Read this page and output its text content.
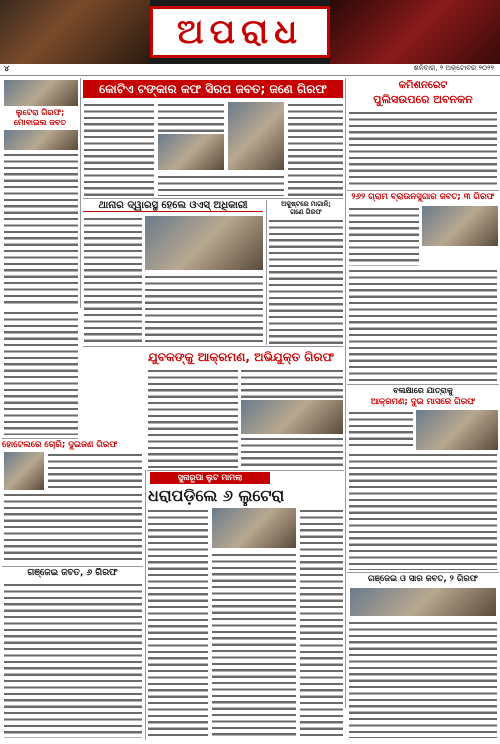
ଅପରାଧ
୪	ଶନିବାର, ୨ ଅକ୍ଟୋବର ୨୦୨୨
ଲୁଟେରା ଗିରଫ;
ମୋବାଇଲ ଜବତ
କୋଟିଏ ଟଙ୍କାର କଫ ସିରପ ଜବତ; ଜଣେ ଗିରଫ	କମିଶନରେଟ
ପୁଲିସଉପରେ ଅବନକନ
୨୬୨ ଗ୍ରାମ ବ୍ରାଉନସୁଗାର ଜବତ; ୩ ଗିରଫ
ବଳାକ୍ଷାରେ ଯାତ୍ରାକୁ
ଆକ୍ରମଣ; ଦୁଇ ମାସରେ ଗିରଫ
ଗଞ୍ଜେଇ ଓ ସାର ଜବତ, ୨ ଗିରଫ
ଥାନାର ଦ୍ୱାରସ୍ଥ ହେଲେ ଓଏସ୍ ଅଧିକାରୀ	ଅକୁଷ୍ଟରେ ମାଗାଳି;
ଗଣେ ଗିରଫ
ହୋଟେଲରେ ଚୋରି; ଦୁଇଜଣ ଗିରଫ
ଯୁବକଙ୍କୁ ଆକ୍ରମଣ, ଅଭିଯୁକ୍ତ ଗିରଫ
ଗଞ୍ଜେଇ ଜବତ, ୬ ଗିରଫ
ସୁନାରୂପା ଲୁଟ ମାମଲା
ଧରାପଡ଼ିଲେ ୬ ଲୁଟେରା
